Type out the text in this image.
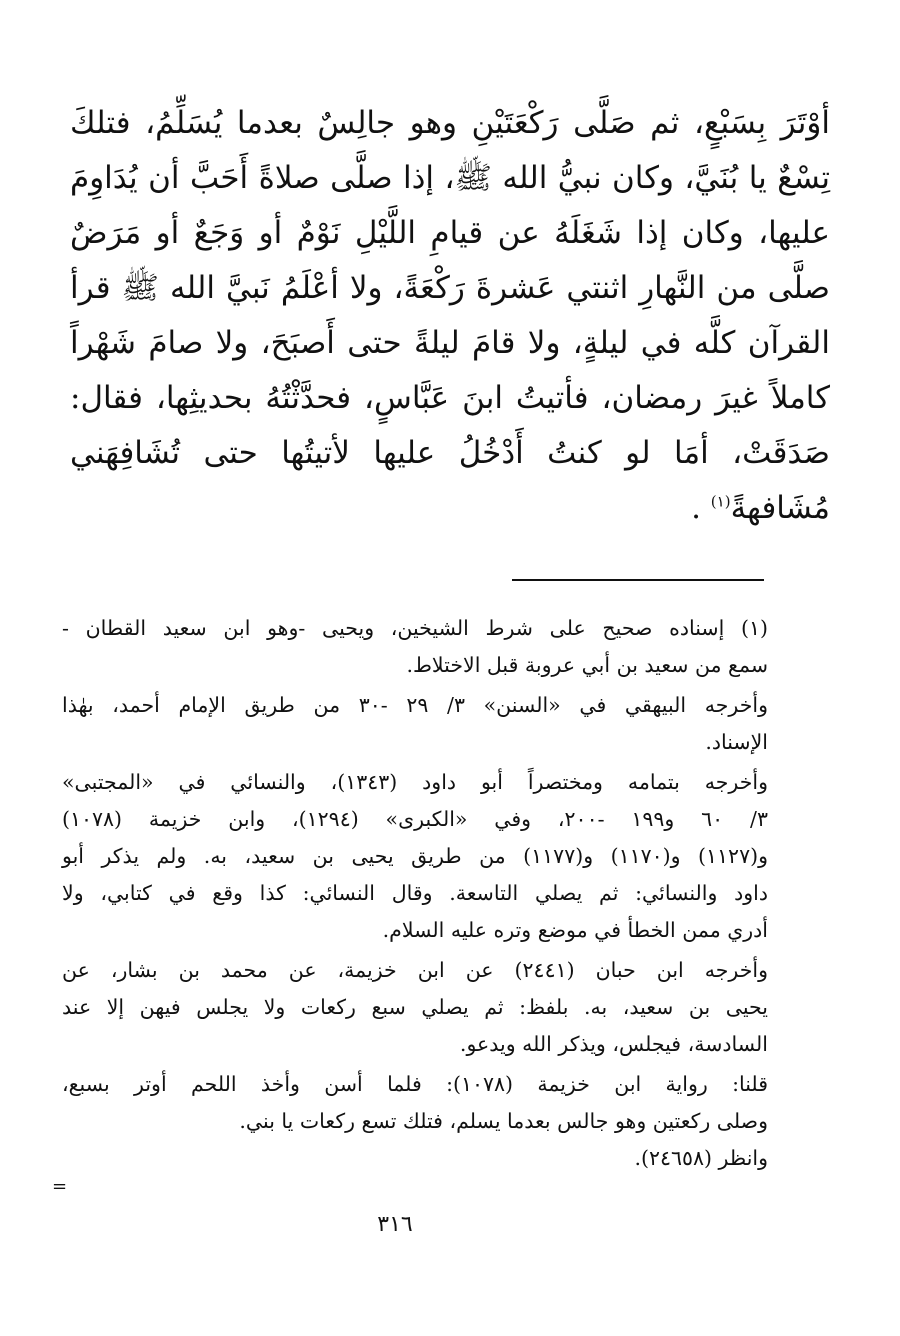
أوْتَرَ بِسَبْعٍ، ثم صَلَّى رَكْعَتَيْنِ وهو جالِسٌ بعدما يُسَلِّمُ، فتلكَ
تِسْعٌ يا بُنَيَّ، وكان نبيُّ الله ﷺ، إذا صلَّى صلاةً أَحَبَّ أن يُدَاوِمَ
عليها، وكان إذا شَغَلَهُ عن قيامِ اللَّيْلِ نَوْمٌ أو وَجَعٌ أو مَرَضٌ
صلَّى من النَّهارِ اثنتي عَشرةَ رَكْعَةً، ولا أعْلَمُ نَبيَّ الله ﷺ قرأ
القرآن كلَّه في ليلةٍ، ولا قامَ ليلةً حتى أَصبَحَ، ولا صامَ شَهْراً
كاملاً غيرَ رمضان، فأتيتُ ابنَ عَبَّاسٍ، فحدَّثْتُهُ بحديثِها، فقال:
صَدَقَتْ، أمَا لو كنتُ أَدْخُلُ عليها لأتيتُها حتى تُشَافِهَني
مُشَافهةً$^{(١)}$ .
(١) إسناده صحيح على شرط الشيخين، ويحيى -وهو ابن سعيد القطان -
سمع من سعيد بن أبي عروبة قبل الاختلاط.
وأخرجه البيهقي في «السنن» ٣/ ٢٩ -٣٠ من طريق الإمام أحمد، بهٰذا
الإسناد.
وأخرجه بتمامه ومختصراً أبو داود (١٣٤٣)، والنسائي في «المجتبى»
٣/ ٦٠ و١٩٩ -٢٠٠، وفي «الكبرى» (١٢٩٤)، وابن خزيمة (١٠٧٨)
و(١١٢٧) و(١١٧٠) و(١١٧٧) من طريق يحيى بن سعيد، به. ولم يذكر أبو
داود والنسائي: ثم يصلي التاسعة. وقال النسائي: كذا وقع في كتابي، ولا
أدري ممن الخطأ في موضع وتره عليه السلام.
وأخرجه ابن حبان (٢٤٤١) عن ابن خزيمة، عن محمد بن بشار، عن
يحيى بن سعيد، به. بلفظ: ثم يصلي سبع ركعات ولا يجلس فيهن إلا عند
السادسة، فيجلس، ويذكر الله ويدعو.
قلنا: رواية ابن خزيمة (١٠٧٨): فلما أسن وأخذ اللحم أوتر بسبع،
وصلى ركعتين وهو جالس بعدما يسلم، فتلك تسع ركعات يا بني.
وانظر (٢٤٦٥٨).
=
٣١٦
